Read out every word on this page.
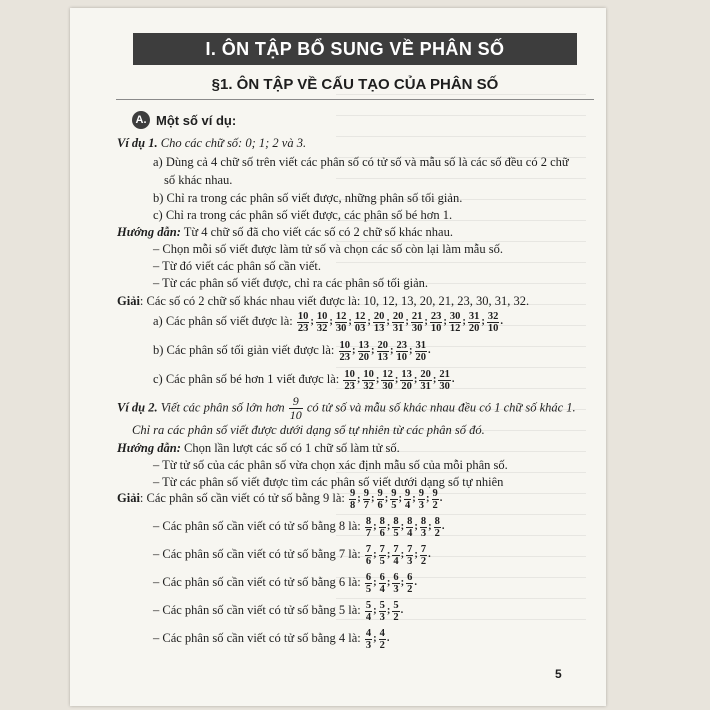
I. ÔN TẬP BỔ SUNG VỀ PHÂN SỐ
§1. ÔN TẬP VỀ CẤU TẠO CỦA PHÂN SỐ
A. Một số ví dụ:
Ví dụ 1. Cho các chữ số: 0; 1; 2 và 3.
a) Dùng cả 4 chữ số trên viết các phân số có tử số và mẫu số là các số đều có 2 chữ
số khác nhau.
b) Chỉ ra trong các phân số viết được, những phân số tối giản.
c) Chỉ ra trong các phân số viết được, các phân số bé hơn 1.
Hướng dẫn: Từ 4 chữ số đã cho viết các số có 2 chữ số khác nhau.
– Chọn mỗi số viết được làm tử số và chọn các số còn lại làm mẫu số.
– Từ đó viết các phân số cần viết.
– Từ các phân số viết được, chỉ ra các phân số tối giản.
Giải: Các số có 2 chữ số khác nhau viết được là: 10, 12, 13, 20, 21, 23, 30, 31, 32.
a) Các phân số viết được là: $\frac{10}{23}$ ; $\frac{10}{32}$ ; $\frac{12}{30}$ ; $\frac{12}{03}$ ; $\frac{20}{13}$ ; $\frac{20}{31}$ ; $\frac{21}{30}$ ; $\frac{23}{10}$ ; $\frac{30}{12}$ ; $\frac{31}{20}$ ; $\frac{32}{10}$ .
b) Các phân số tối giản viết được là: $\frac{10}{23}$ ; $\frac{13}{20}$ ; $\frac{20}{13}$ ; $\frac{23}{10}$ ; $\frac{31}{20}$ .
c) Các phân số bé hơn 1 viết được là: $\frac{10}{23}$ ; $\frac{10}{32}$ ; $\frac{12}{30}$ ; $\frac{13}{20}$ ; $\frac{20}{31}$ ; $\frac{21}{30}$ .
Ví dụ 2. Viết các phân số lớn hơn $\frac{9}{10}$ có tử số và mẫu số khác nhau đều có 1 chữ số khác 1.
Chỉ ra các phân số viết được dưới dạng số tự nhiên từ các phân số đó.
Hướng dẫn: Chọn lần lượt các số có 1 chữ số làm tử số.
– Từ tử số của các phân số vừa chọn xác định mẫu số của mỗi phân số.
– Từ các phân số viết được tìm các phân số viết dưới dạng số tự nhiên
Giải: Các phân số cần viết có tử số bằng 9 là: $\frac{9}{8}$ ; $\frac{9}{7}$ ; $\frac{9}{6}$ ; $\frac{9}{5}$ ; $\frac{9}{4}$ ; $\frac{9}{3}$ ; $\frac{9}{2}$ .
– Các phân số cần viết có tử số bằng 8 là: $\frac{8}{7}$ ; $\frac{8}{6}$ ; $\frac{8}{5}$ ; $\frac{8}{4}$ ; $\frac{8}{3}$ ; $\frac{8}{2}$ .
– Các phân số cần viết có tử số bằng 7 là: $\frac{7}{6}$ ; $\frac{7}{5}$ ; $\frac{7}{4}$ ; $\frac{7}{3}$ ; $\frac{7}{2}$ .
– Các phân số cần viết có tử số bằng 6 là: $\frac{6}{5}$ ; $\frac{6}{4}$ ; $\frac{6}{3}$ ; $\frac{6}{2}$ .
– Các phân số cần viết có tử số bằng 5 là: $\frac{5}{4}$ ; $\frac{5}{3}$ ; $\frac{5}{2}$ .
– Các phân số cần viết có tử số bằng 4 là: $\frac{4}{3}$ ; $\frac{4}{2}$ .
5
